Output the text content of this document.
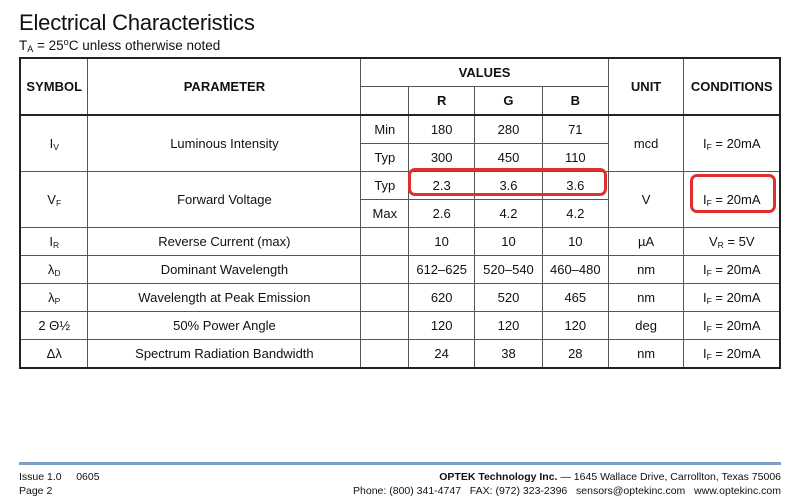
Electrical Characteristics
$T_A = 25^oC$ unless otherwise noted
SYMBOL	PARAMETER	VALUES				UNIT	CONDITIONS
			R	G	B		
$I_V$	Luminous Intensity	Min	180	280	71	mcd	$I_F = 20mA$
		Typ	300	450	110		
$V_F$	Forward Voltage	Typ	2.3	3.6	3.6	V	$I_F = 20mA$
		Max	2.6	4.2	4.2		
$I_R$	Reverse Current (max)		10	10	10	µA	$V_R = 5V$
$\lambda_D$	Dominant Wavelength		612–625	520–540	460–480	nm	$I_F = 20mA$
$\lambda_P$	Wavelength at Peak Emission		620	520	465	nm	$I_F = 20mA$
2 Θ½	50% Power Angle		120	120	120	deg	$I_F = 20mA$
Δλ	Spectrum Radiation Bandwidth		24	38	28	nm	$I_F = 20mA$
Issue 1.0     0605
Page 2
OPTEK Technology Inc. — 1645 Wallace Drive, Carrollton, Texas 75006
Phone: (800) 341-4747   FAX: (972) 323-2396   sensors@optekinc.com   www.optekinc.com
